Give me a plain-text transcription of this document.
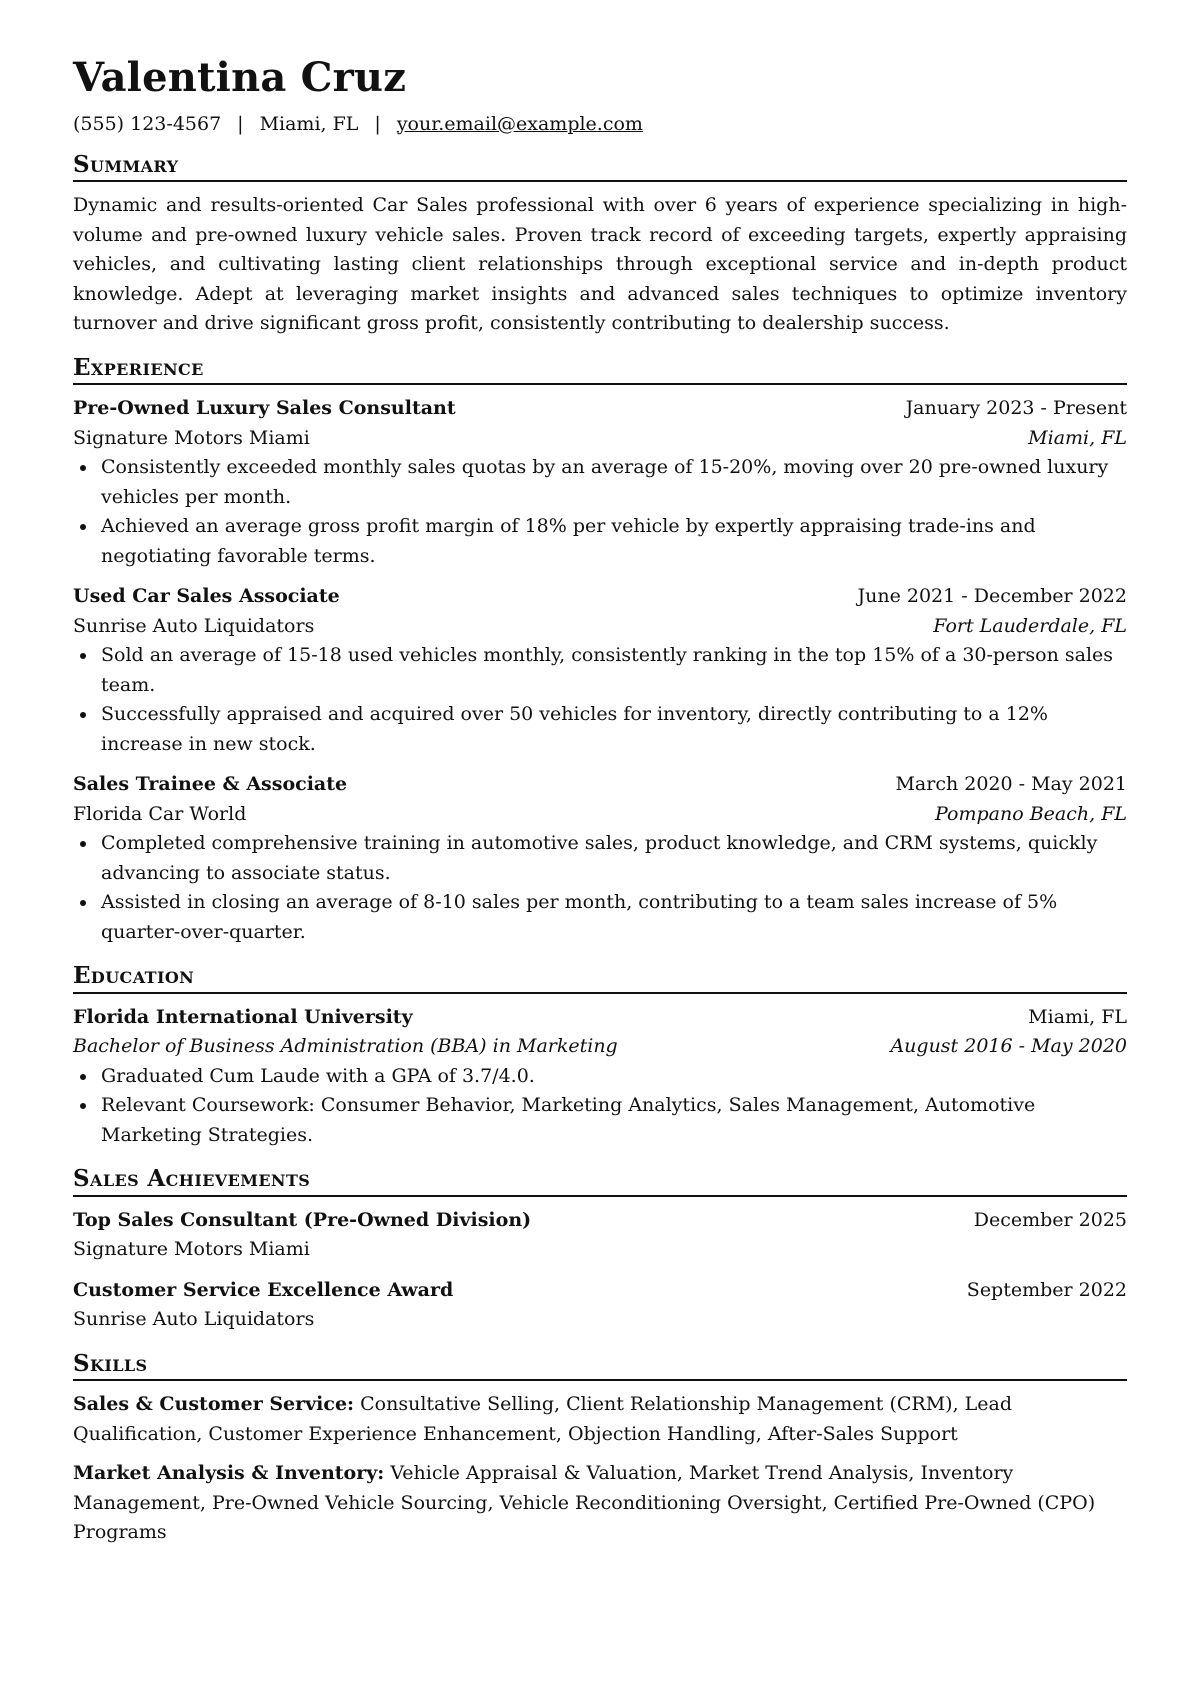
Valentina Cruz
(555) 123-4567 | Miami, FL | your.email@example.com
Summary

Dynamic and results-oriented Car Sales professional with over 6 years of experience specializing in high-volume and pre-owned luxury vehicle sales. Proven track record of exceeding targets, expertly appraising vehicles, and cultivating lasting client relationships through exceptional service and in-depth product knowledge. Adept at leveraging market insights and advanced sales techniques to optimize inventory turnover and drive significant gross profit, consistently contributing to dealership success.

Experience
Pre-Owned Luxury Sales Consultant	January 2023 - Present
Signature Motors Miami	Miami, FL
Consistently exceeded monthly sales quotas by an average of 15-20%, moving over 20 pre-owned luxury vehicles per month.
Achieved an average gross profit margin of 18% per vehicle by expertly appraising trade-ins and negotiating favorable terms.
Used Car Sales Associate	June 2021 - December 2022
Sunrise Auto Liquidators	Fort Lauderdale, FL
Sold an average of 15-18 used vehicles monthly, consistently ranking in the top 15% of a 30-person sales team.
Successfully appraised and acquired over 50 vehicles for inventory, directly contributing to a 12% increase in new stock.
Sales Trainee & Associate	March 2020 - May 2021
Florida Car World	Pompano Beach, FL
Completed comprehensive training in automotive sales, product knowledge, and CRM systems, quickly advancing to associate status.
Assisted in closing an average of 8-10 sales per month, contributing to a team sales increase of 5% quarter-over-quarter.
Education
Florida International University	Miami, FL
Bachelor of Business Administration (BBA) in Marketing	August 2016 - May 2020
Graduated Cum Laude with a GPA of 3.7/4.0.
Relevant Coursework: Consumer Behavior, Marketing Analytics, Sales Management, Automotive Marketing Strategies.
Sales Achievements
Top Sales Consultant (Pre-Owned Division)	December 2025
Signature Motors Miami
Customer Service Excellence Award	September 2022
Sunrise Auto Liquidators
Skills

Sales & Customer Service: Consultative Selling, Client Relationship Management (CRM), Lead Qualification, Customer Experience Enhancement, Objection Handling, After-Sales Support

Market Analysis & Inventory: Vehicle Appraisal & Valuation, Market Trend Analysis, Inventory Management, Pre-Owned Vehicle Sourcing, Vehicle Reconditioning Oversight, Certified Pre-Owned (CPO) Programs
